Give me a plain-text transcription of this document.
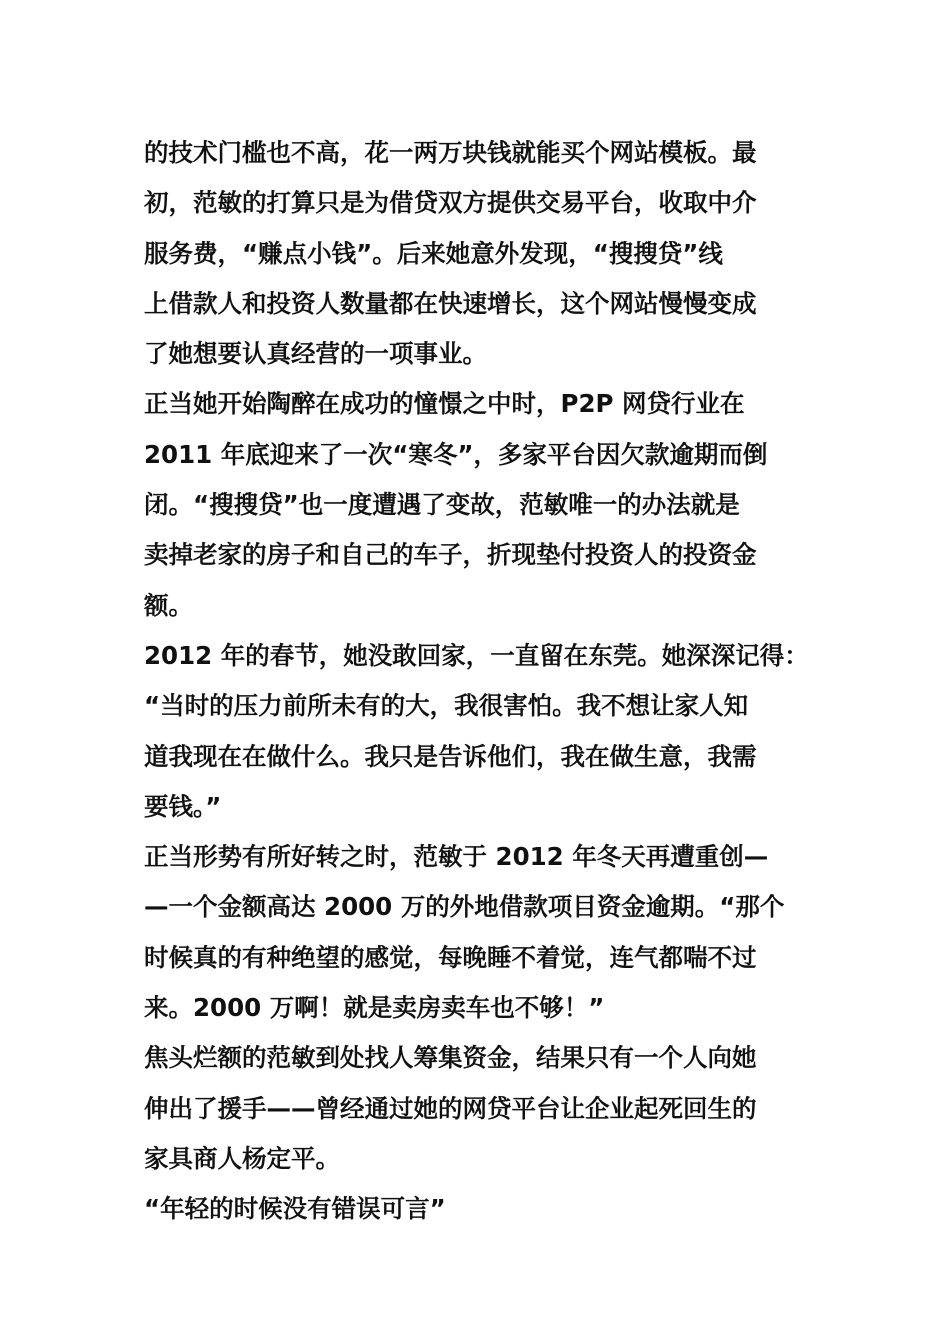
的技术门槛也不高，花一两万块钱就能买个网站模板。最
初，范敏的打算只是为借贷双方提供交易平台，收取中介
服务费，“赚点小钱”。后来她意外发现，“搜搜贷”线
上借款人和投资人数量都在快速增长，这个网站慢慢变成
了她想要认真经营的一项事业。
正当她开始陶醉在成功的憧憬之中时，P2P 网贷行业在
2011 年底迎来了一次“寒冬”，多家平台因欠款逾期而倒
闭。“搜搜贷”也一度遭遇了变故，范敏唯一的办法就是
卖掉老家的房子和自己的车子，折现垫付投资人的投资金
额。
2012 年的春节，她没敢回家，一直留在东莞。她深深记得：
“当时的压力前所未有的大，我很害怕。我不想让家人知
道我现在在做什么。我只是告诉他们，我在做生意，我需
要钱。”
正当形势有所好转之时，范敏于 2012 年冬天再遭重创—
—一个金额高达 2000 万的外地借款项目资金逾期。“那个
时候真的有种绝望的感觉，每晚睡不着觉，连气都喘不过
来。2000 万啊！就是卖房卖车也不够！”
焦头烂额的范敏到处找人筹集资金，结果只有一个人向她
伸出了援手——曾经通过她的网贷平台让企业起死回生的
家具商人杨定平。
“年轻的时候没有错误可言”
